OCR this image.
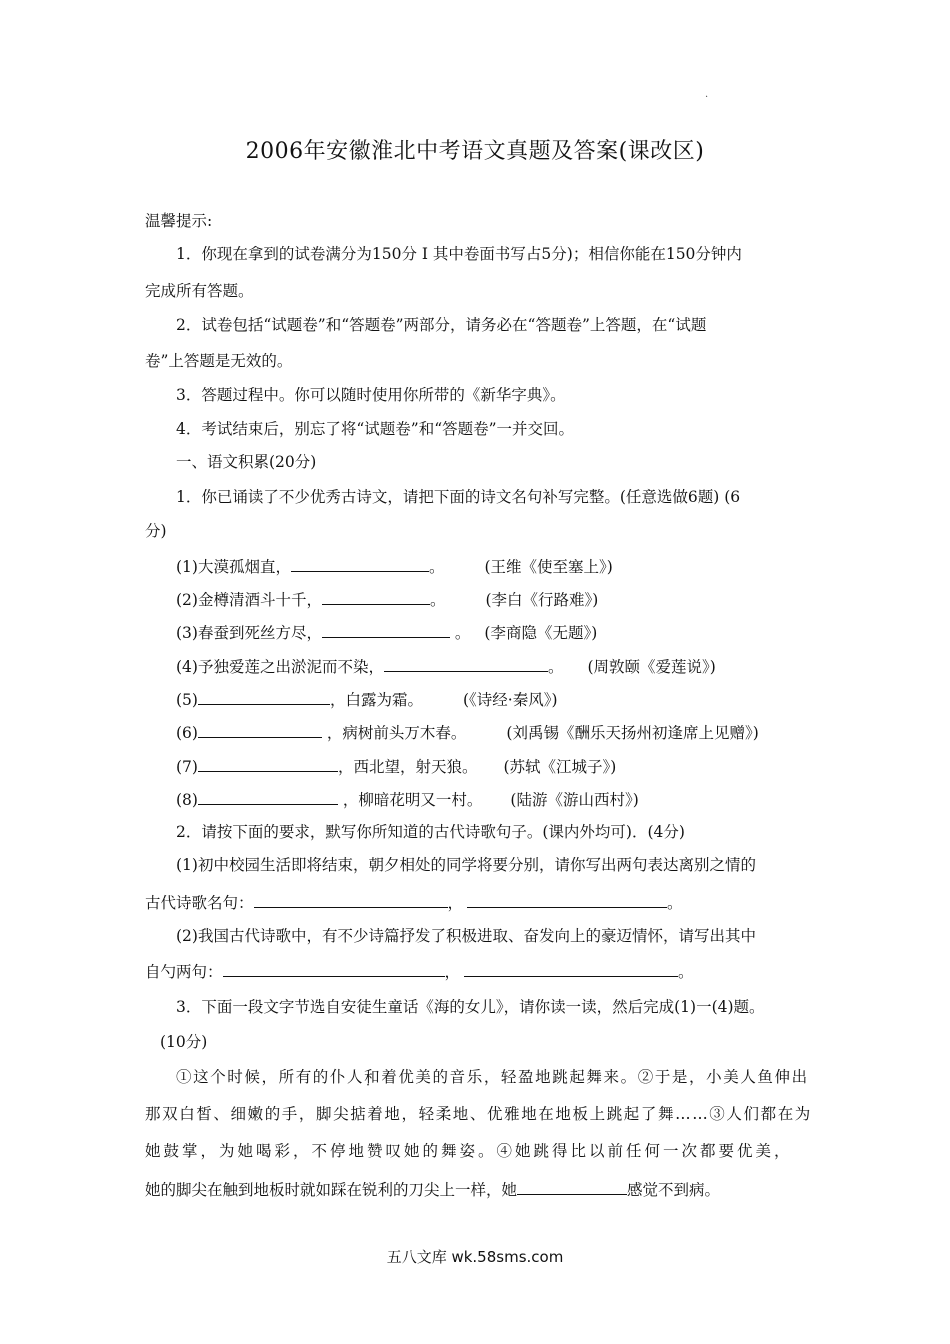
·
2006年安徽淮北中考语文真题及答案(课改区)
温馨提示:
1．你现在拿到的试卷满分为150分 I 其中卷面书写占5分)；相信你能在150分钟内
完成所有答题。
2．试卷包括“试题卷”和“答题卷”两部分，请务必在“答题卷”上答题，在“试题
卷”上答题是无效的。
3．答题过程中。你可以随时使用你所带的《新华字典》。
4．考试结束后，别忘了将“试题卷”和“答题卷”一并交回。
一、语文积累(20分)
1．你已诵读了不少优秀古诗文，请把下面的诗文名句补写完整。(任意选做6题) (6
分)
(1)大漠孤烟直，	。	(王维《使至塞上》)
(2)金樽清酒斗十千，	。	(李白《行路难》)
(3)春蚕到死丝方尽，	。 (李商隐《无题》)
(4)予独爱莲之出淤泥而不染，	。 (周敦颐《爱莲说》)
(5)	，白露为霜。	(《诗经·秦风》)
(6)	，病树前头万木春。	(刘禹锡《酬乐天扬州初逢席上见赠》)
(7)	，西北望，射天狼。 (苏轼《江城子》)
(8)	，柳暗花明又一村。 (陆游《游山西村》)
2．请按下面的要求，默写你所知道的古代诗歌句子。(课内外均可)．(4分)
(1)初中校园生活即将结束，朝夕相处的同学将要分别，请你写出两句表达离别之情的
古代诗歌名句：	，	。
(2)我国古代诗歌中，有不少诗篇抒发了积极进取、奋发向上的豪迈情怀，请写出其中
自勺两句：	，	。
3．下面一段文字节选自安徒生童话《海的女儿》，请你读一读，然后完成(1)一(4)题。
(10分)
①这个时候，所有的仆人和着优美的音乐，轻盈地跳起舞来。②于是，小美人鱼伸出
那双白皙、细嫩的手，脚尖掂着地，轻柔地、优雅地在地板上跳起了舞……③人们都在为
她鼓掌，为她喝彩，不停地赞叹她的舞姿。④她跳得比以前任何一次都要优美，
她的脚尖在触到地板时就如踩在锐利的刀尖上一样，她	感觉不到病。
五八文库 wk.58sms.com
